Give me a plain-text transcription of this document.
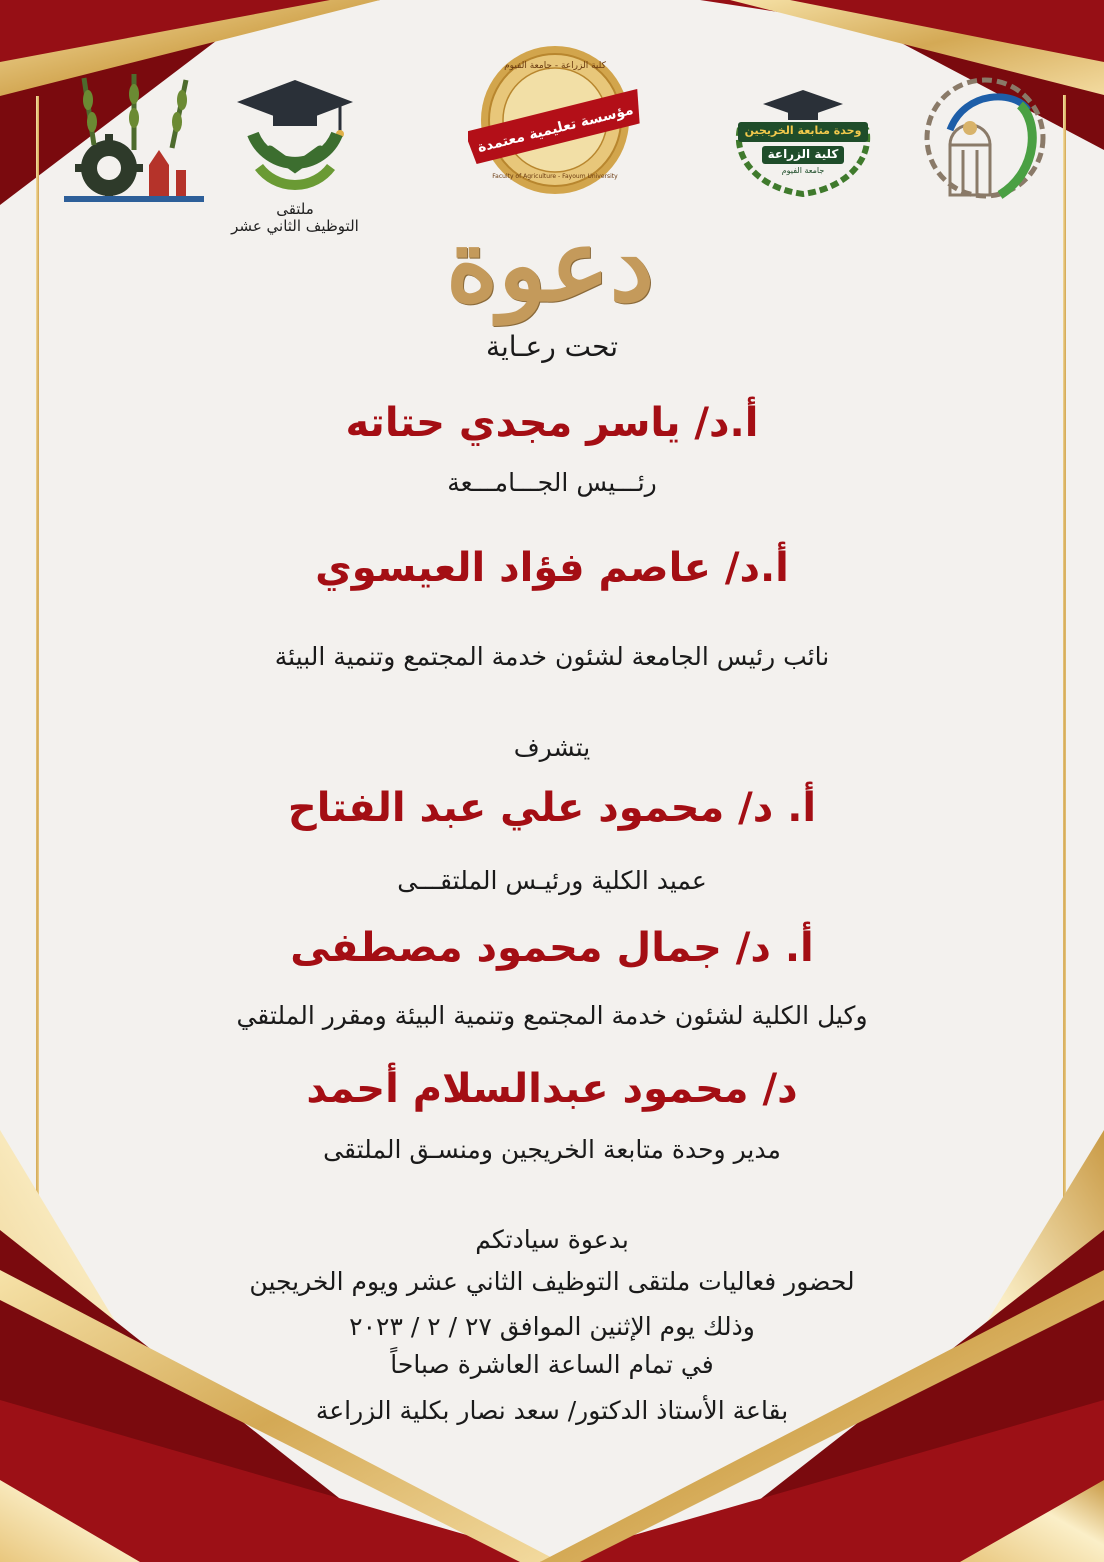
ملتقى
التوظيف الثاني عشر
كلية الزراعة - جامعة الفيوم
مؤسسة تعليمية معتمدة
Faculty of Agriculture - Fayoum University
وحدة متابعة الخريجين
كلية الزراعة
جامعة الفيوم
دعوة
تحت رعـاية
أ.د/ ياسر مجدي حتاته
رئـــيس الجـــامـــعة
أ.د/ عاصم فؤاد العيسوي
نائب رئيس الجامعة لشئون خدمة المجتمع وتنمية البيئة
يتشرف
أ. د/ محمود علي عبد الفتاح
عميد الكلية ورئيـس الملتقـــى
أ. د/ جمال محمود مصطفى
وكيل الكلية لشئون خدمة المجتمع وتنمية البيئة ومقرر الملتقي
د/ محمود عبدالسلام أحمد
مدير وحدة متابعة الخريجين ومنسـق الملتقى
بدعوة سيادتكم
لحضور فعاليات ملتقى التوظيف الثاني عشر ويوم الخريجين
وذلك يوم الإثنين الموافق ٢٧ / ٢ / ٢٠٢٣
في تمام الساعة العاشرة صباحاً
بقاعة الأستاذ الدكتور/ سعد نصار بكلية الزراعة
